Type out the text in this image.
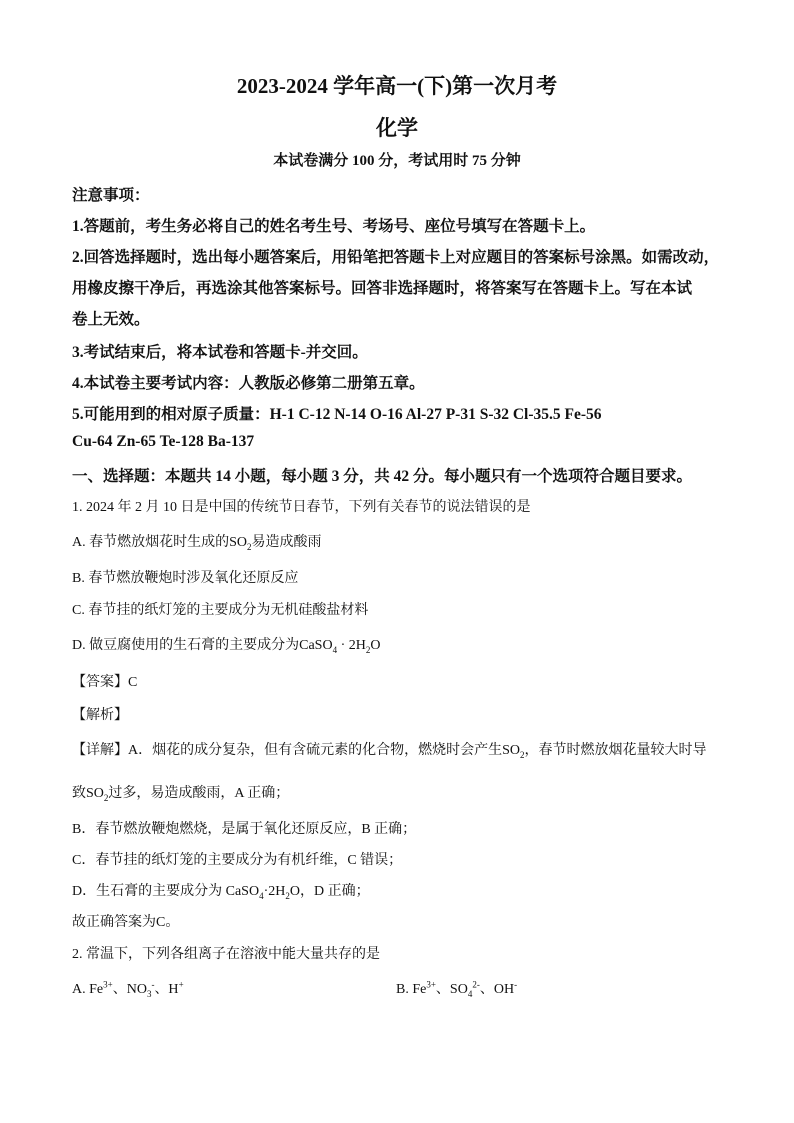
2023-2024 学年高一(下)第一次月考
化学
本试卷满分 100 分，考试用时 75 分钟
注意事项：
1.答题前，考生务必将自己的姓名考生号、考场号、座位号填写在答题卡上。
2.回答选择题时，选出每小题答案后，用铅笔把答题卡上对应题目的答案标号涂黑。如需改动，
用橡皮擦干净后，再选涂其他答案标号。回答非选择题时，将答案写在答题卡上。写在本试
卷上无效。
3.考试结束后，将本试卷和答题卡-并交回。
4.本试卷主要考试内容：人教版必修第二册第五章。
5.可能用到的相对原子质量：H-1 C-12 N-14 O-16 Al-27 P-31 S-32 Cl-35.5 Fe-56
Cu-64 Zn-65 Te-128 Ba-137
一、选择题：本题共 14 小题，每小题 3 分，共 42 分。每小题只有一个选项符合题目要求。
1. 2024 年 2 月 10 日是中国的传统节日春节，下列有关春节的说法错误的是
A. 春节燃放烟花时生成的$SO_2$易造成酸雨
B. 春节燃放鞭炮时涉及氧化还原反应
C. 春节挂的纸灯笼的主要成分为无机硅酸盐材料
D. 做豆腐使用的生石膏的主要成分为CaSO$_4$ · $2H_2O$
【答案】C
【解析】
【详解】A．烟花的成分复杂，但有含硫元素的化合物，燃烧时会产生$SO_2$，春节时燃放烟花量较大时导
致$SO_2$过多，易造成酸雨，A 正确；
B．春节燃放鞭炮燃烧，是属于氧化还原反应，B 正确；
C．春节挂的纸灯笼的主要成分为有机纤维，C 错误；
D．生石膏的主要成分为 $CaSO_4\cdot 2H_2O$，D 正确；
故正确答案为C。
2. 常温下，下列各组离子在溶液中能大量共存的是
A. $Fe^{3+}$、$NO_3^-$、H+	B. $Fe^{3+}$、$SO_4^{2-}$、OH-
